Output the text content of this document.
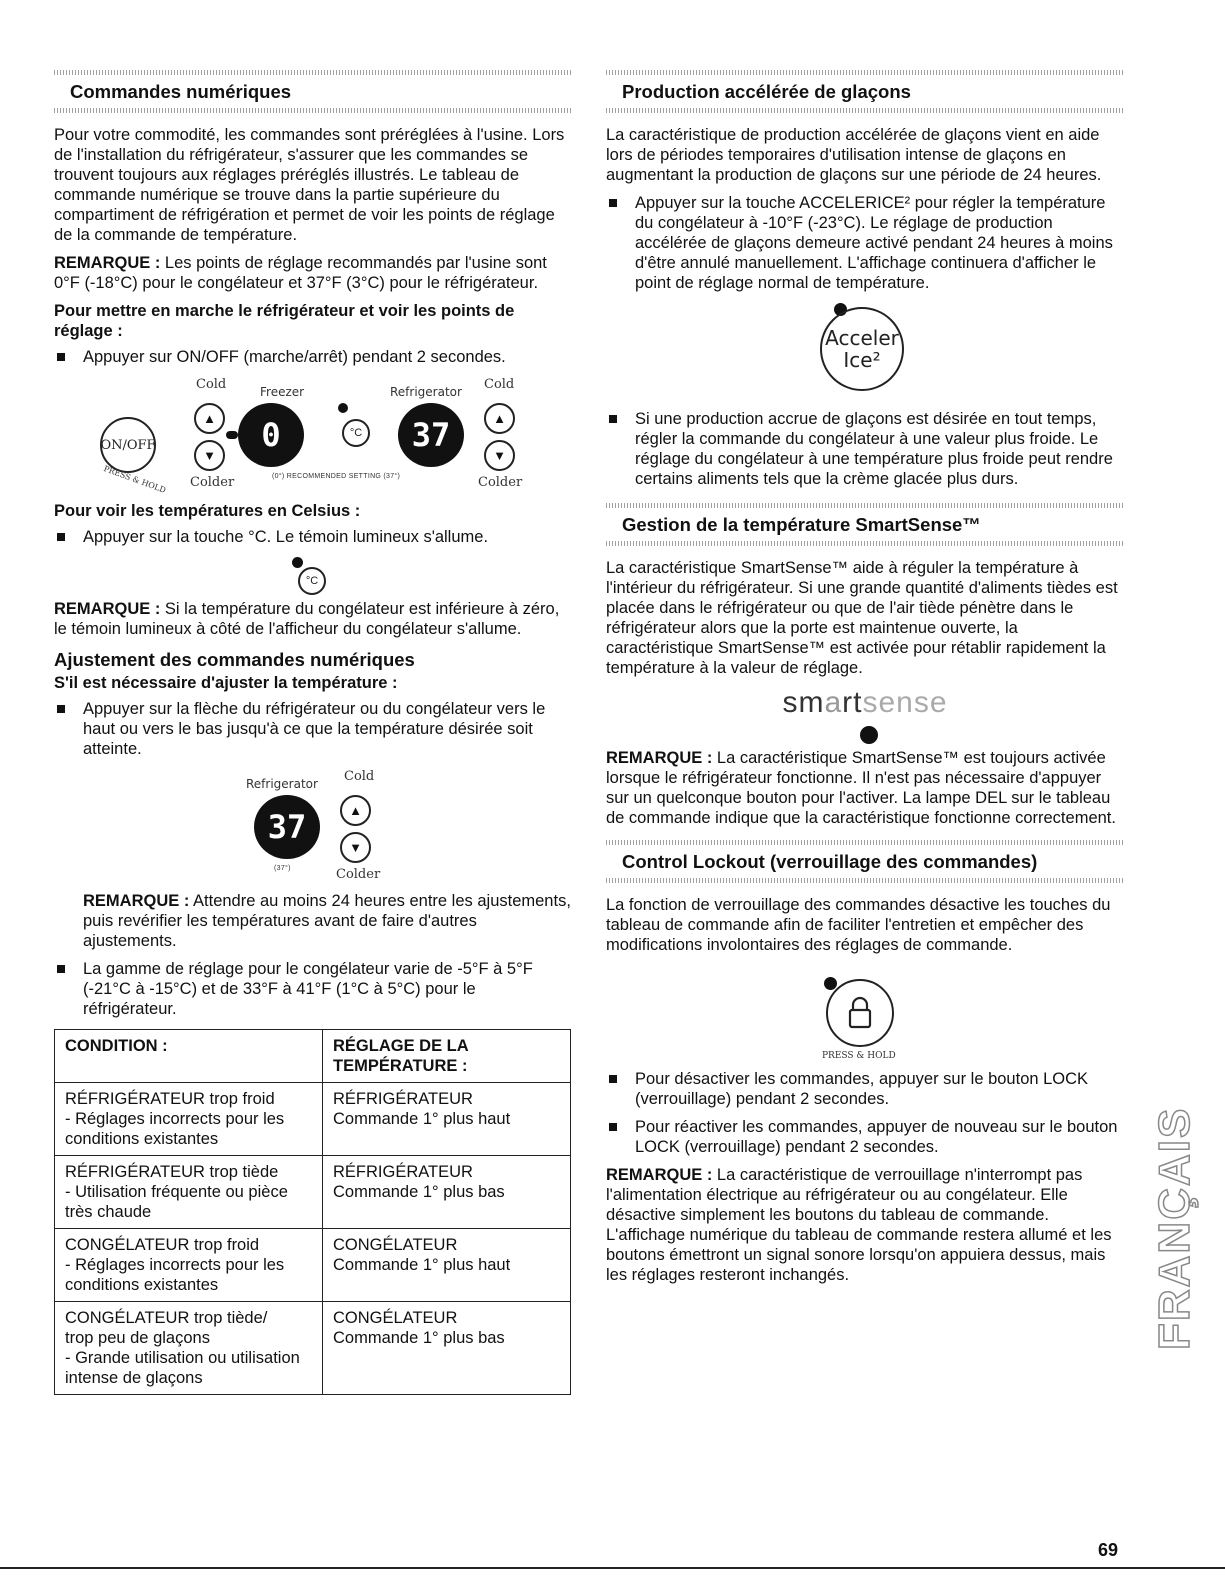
Commandes numériques

Pour votre commodité, les commandes sont préréglées à l'usine. Lors de l'installation du réfrigérateur, s'assurer que les commandes se trouvent toujours aux réglages préréglés illustrés. Le tableau de commande numérique se trouve dans la partie supérieure du compartiment de réfrigération et permet de voir les points de réglage de la commande de température.

REMARQUE : Les points de réglage recommandés par l'usine sont 0°F (-18°C) pour le congélateur et 37°F (3°C) pour le réfrigérateur.

Pour mettre en marche le réfrigérateur et voir les points de réglage :
Appuyer sur ON/OFF (marche/arrêt) pendant 2 secondes.
ON/OFF
PRESS & HOLD
Cold	Freezer	Refrigerator Cold
▲
▼
0	°C	37	▲
▼
Colder	(0°) RECOMMENDED SETTING (37°)	Colder
Pour voir les températures en Celsius :
Appuyer sur la touche °C. Le témoin lumineux s'allume.
°C

REMARQUE : Si la température du congélateur est inférieure à zéro, le témoin lumineux à côté de l'afficheur du congélateur s'allume.

Ajustement des commandes numériques
S'il est nécessaire d'ajuster la température :
Appuyer sur la flèche du réfrigérateur ou du congélateur vers le haut ou vers le bas jusqu'à ce que la température désirée soit atteinte.
Refrigerator Cold
37	▲
▼
(37°)	Colder

REMARQUE : Attendre au moins 24 heures entre les ajustements, puis revérifier les températures avant de faire d'autres ajustements.

La gamme de réglage pour le congélateur varie de -5°F à 5°F (-21°C à -15°C) et de 33°F à 41°F (1°C à 5°C) pour le réfrigérateur.
CONDITION :	RÉGLAGE DE LA TEMPÉRATURE :
RÉFRIGÉRATEUR trop froid
- Réglages incorrects pour les conditions existantes	RÉFRIGÉRATEUR
Commande 1° plus haut
RÉFRIGÉRATEUR trop tiède
- Utilisation fréquente ou pièce très chaude	RÉFRIGÉRATEUR
Commande 1° plus bas
CONGÉLATEUR trop froid
- Réglages incorrects pour les conditions existantes	CONGÉLATEUR
Commande 1° plus haut
CONGÉLATEUR trop tiède/
trop peu de glaçons
- Grande utilisation ou utilisation intense de glaçons	CONGÉLATEUR
Commande 1° plus bas
Production accélérée de glaçons

La caractéristique de production accélérée de glaçons vient en aide lors de périodes temporaires d'utilisation intense de glaçons en augmentant la production de glaçons sur une période de 24 heures.

Appuyer sur la touche ACCELERICE² pour régler la température du congélateur à -10°F (-23°C). Le réglage de production accélérée de glaçons demeure activé pendant 24 heures à moins d'être annulé manuellement. L'affichage continuera d'afficher le point de réglage normal de température.
Acceler
Ice²
Si une production accrue de glaçons est désirée en tout temps, régler la commande du congélateur à une valeur plus froide. Le réglage du congélateur à une température plus froide peut rendre certains aliments tels que la crème glacée plus durs.
Gestion de la température SmartSense™

La caractéristique SmartSense™ aide à réguler la température à l'intérieur du réfrigérateur. Si une grande quantité d'aliments tièdes est placée dans le réfrigérateur ou que de l'air tiède pénètre dans le réfrigérateur alors que la porte est maintenue ouverte, la caractéristique SmartSense™ est activée pour rétablir rapidement la température à la valeur de réglage.

smartsense

REMARQUE : La caractéristique SmartSense™ est toujours activée lorsque le réfrigérateur fonctionne. Il n'est pas nécessaire d'appuyer sur un quelconque bouton pour l'activer. La lampe DEL sur le tableau de commande indique que la caractéristique fonctionne correctement.

Control Lockout (verrouillage des commandes)

La fonction de verrouillage des commandes désactive les touches du tableau de commande afin de faciliter l'entretien et empêcher des modifications involontaires des réglages de commande.

PRESS & HOLD
Pour désactiver les commandes, appuyer sur le bouton LOCK (verrouillage) pendant 2 secondes.
Pour réactiver les commandes, appuyer de nouveau sur le bouton LOCK (verrouillage) pendant 2 secondes.

REMARQUE : La caractéristique de verrouillage n'interrompt pas l'alimentation électrique au réfrigérateur ou au congélateur. Elle désactive simplement les boutons du tableau de commande. L'affichage numérique du tableau de commande restera allumé et les boutons émettront un signal sonore lorsqu'on appuiera dessus, mais les réglages resteront inchangés.	FRANÇAIS
69
